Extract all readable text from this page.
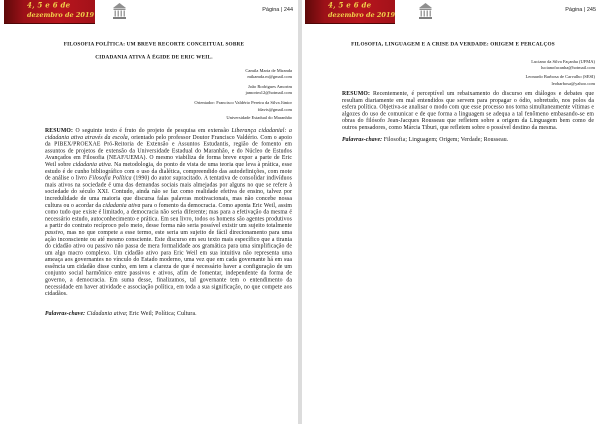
4, 5 e 6 de
dezembro de 2019
Página | 244
FILOSOFIA POLÍTICA: UM BREVE RECORTE CONCEITUAL SOBRE
CIDADANIA ATIVA À ÉGIDE DE ERIC WEIL.
Camila Maria de Miranda
mikamda.m@gmail.com
João Rodrigues Amorim
jamorim12@hotmail.com
Orientador: Francisco Valdério Pereira da Silva Júnior
fdavis@gmail.com
Universidade Estadual do Maranhão

RESUMO: O seguinte texto é fruto do projeto de pesquisa em extensão Liberança cidadanial: a cidadania ativa através da escola, orientado pelo professor Doutor Francisco Valdério. Com o apoio da PIBEX/PROEXAE Pró-Reitoria de Extensão e Assuntos Estudantis, região de fomento em assuntos de projetos de extensão da Universidade Estadual do Maranhão, e do Núcleo de Estudos Avançados em Filosofia (NEAF/UEMA). O mesmo viabiliza de forma breve expor a parte de Eric Weil sobre cidadania ativa. Na metodologia, do ponto de vista de uma teoria que leva à prática, esse estudo é de cunho bibliográfico com o uso da dialética, compreendido das autodefinições, com mote de análise o livro Filosofia Política (1990) do autor supracitado. A tentativa de consolidar indivíduos mais ativos na sociedade é uma das demandas sociais mais almejadas por alguns no que se refere à sociedade do século XXI. Contudo, ainda não se faz como realidade efetiva de ensino, talvez por incredulidade de uma maioria que discursa falas palavras motivacionais, mas não concebe nossa cultura ou o acordar da cidadania ativa para o fomento da democracia. Como aponta Eric Weil, assim como tudo que existe é limitado, a democracia não seria diferente; mas para a efetivação da mesma é necessário estudo, autoconhecimento e prática. Em seu livro, todos os homens são agentes produtivos a partir do contrato recíproco pelo meio, desse forma não seria possível existir um sujeito totalmente passivo, mas no que compete a esse termo, este seria um sujeito de fácil direcionamento para uma ação inconsciente ou até mesmo consciente. Este discurso em seu texto mais específico que a tirania do cidadão ativo ou passivo não passa de mera formalidade aos gramática para uma simplificação de um algo macro complexo. Um cidadão ativo para Eric Weil em sua intuitiva não representa uma ameaça aos governantes no vínculo do Estado moderno, uma vez que em cada governante há em sua essência um cidadão disse cunho, em tem a clareza de que é necessário haver a configuração de um conjunto social harmônico entre passivos e ativos, afim de fomentar, independente da forma de governo, a democracia. Em suma desse, finalizamos, tal governante tem o entendimento da necessidade em haver atividade e associação política, em toda a sua significação, no que compete aos cidadãos.

Palavras-chave: Cidadania ativa; Eric Weil; Política; Cultura.

4, 5 e 6 de
dezembro de 2019
Página | 245
FILOSOFIA, LINGUAGEM E A CRISE DA VERDADE: ORIGEM E PERCALÇOS
Luciano da Silva Façanha (UFMA)
lucianofacanha@hotmail.com
Leonardo Barbosa de Carvalho (SESI)
leobarbosa@yahoo.com

RESUMO: Recentemente, é perceptível um rebaixamento do discurso em diálogos e debates que resultam diariamente em mal entendidos que servem para propagar o ódio, sobretudo, nos polos da esfera política. Objetiva-se analisar o modo com que esse processo nos torna simultaneamente vítimas e algozes do uso de comunicar e de que forma a linguagem se adequa a tal fenômeno embasando-se em obras do filósofo Jean-Jacques Rousseau que refletem sobre a origem da Linguagem bem como de outros pensadores, como Márcia Tiburi, que refletem sobre o possível destino da mesma.

Palavras-chave: Filosofia; Linguagem; Origem; Verdade; Rousseau.
